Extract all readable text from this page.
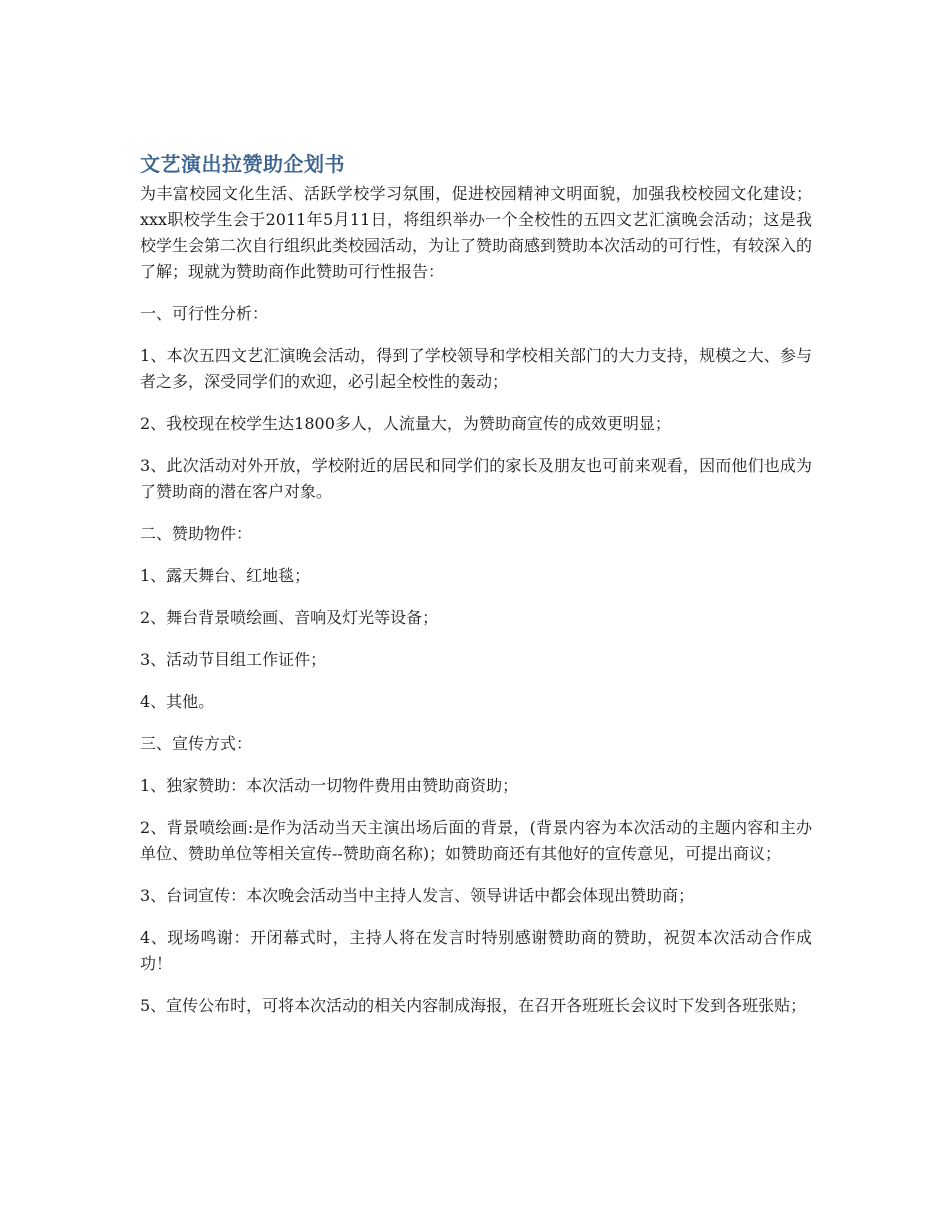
文艺演出拉赞助企划书

为丰富校园文化生活、活跃学校学习氛围，促进校园精神文明面貌，加强我校校园文化建设；xxx职校学生会于2011年5月11日，将组织举办一个全校性的五四文艺汇演晚会活动；这是我校学生会第二次自行组织此类校园活动，为让了赞助商感到赞助本次活动的可行性，有较深入的了解；现就为赞助商作此赞助可行性报告：

一、可行性分析：

1、本次五四文艺汇演晚会活动，得到了学校领导和学校相关部门的大力支持，规模之大、参与者之多，深受同学们的欢迎，必引起全校性的轰动；

2、我校现在校学生达1800多人，人流量大，为赞助商宣传的成效更明显；

3、此次活动对外开放，学校附近的居民和同学们的家长及朋友也可前来观看，因而他们也成为了赞助商的潜在客户对象。

二、赞助物件：

1、露天舞台、红地毯；

2、舞台背景喷绘画、音响及灯光等设备；

3、活动节目组工作证件；

4、其他。

三、宣传方式：

1、独家赞助：本次活动一切物件费用由赞助商资助；

2、背景喷绘画:是作为活动当天主演出场后面的背景，(背景内容为本次活动的主题内容和主办单位、赞助单位等相关宣传--赞助商名称)；如赞助商还有其他好的宣传意见，可提出商议；

3、台词宣传：本次晚会活动当中主持人发言、领导讲话中都会体现出赞助商；

4、现场鸣谢：开闭幕式时，主持人将在发言时特别感谢赞助商的赞助，祝贺本次活动合作成功！

5、宣传公布时，可将本次活动的相关内容制成海报，在召开各班班长会议时下发到各班张贴；
